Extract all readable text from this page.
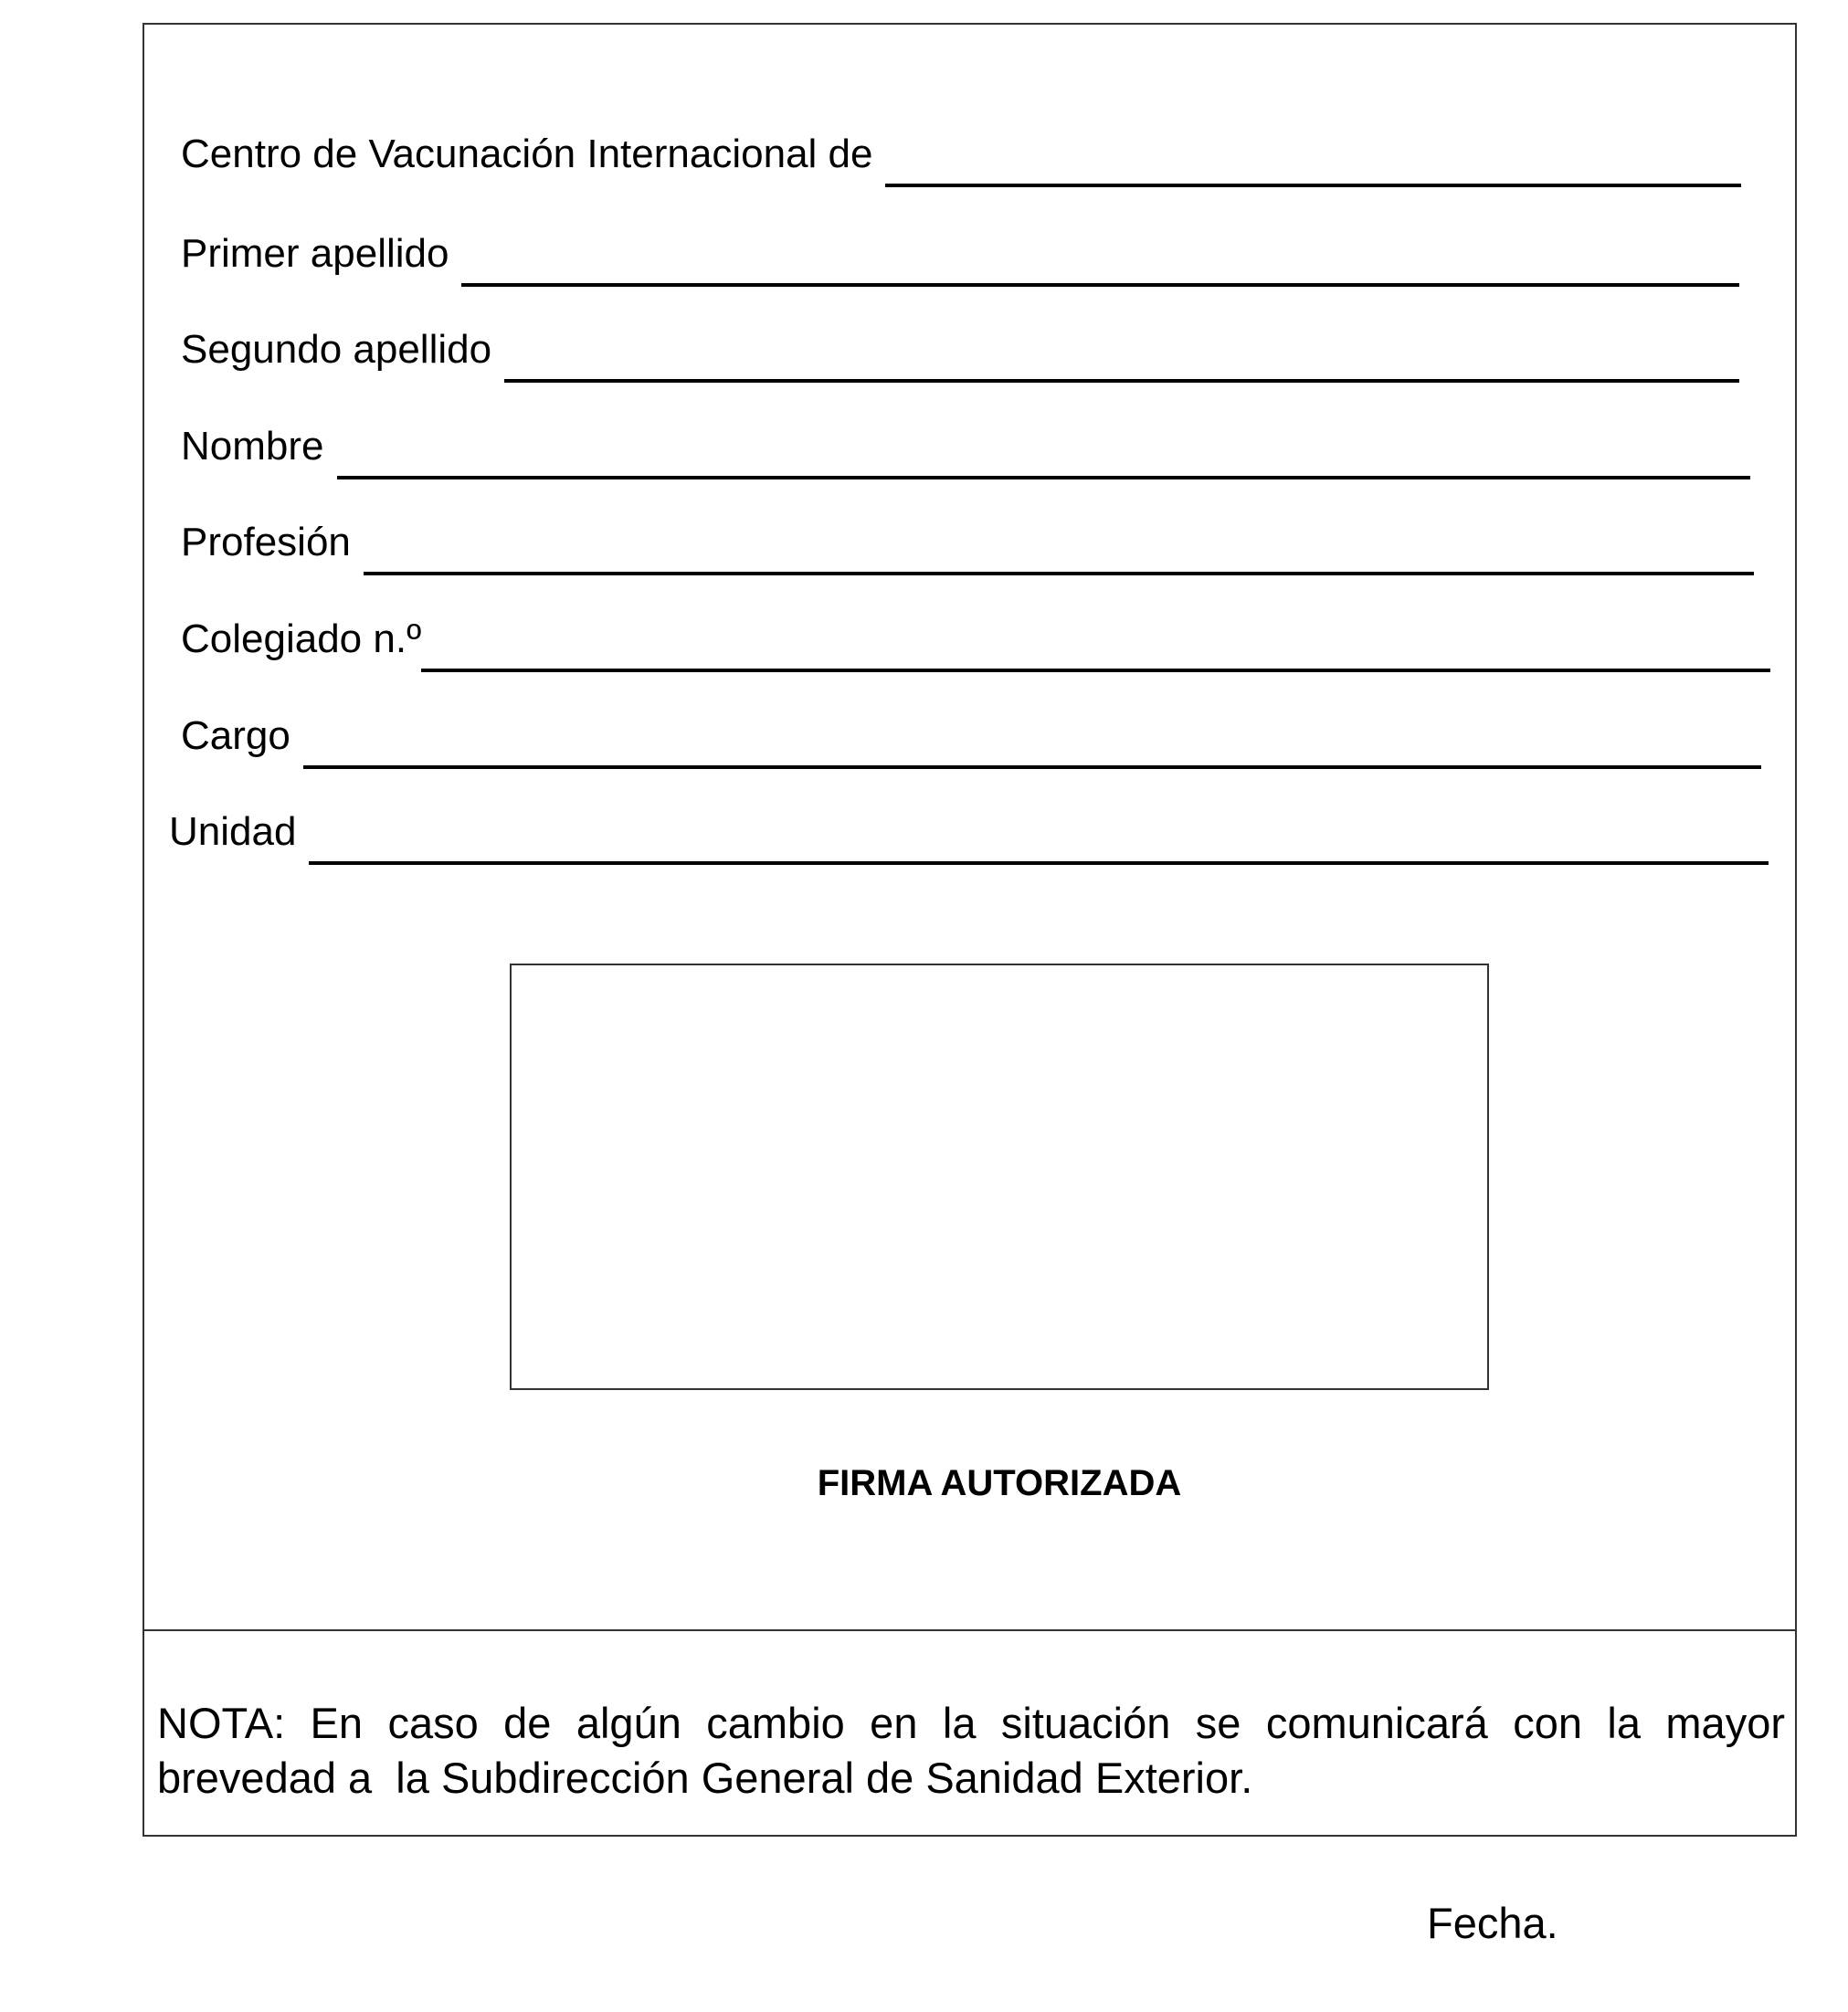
Centro de Vacunación Internacional de
Primer apellido
Segundo apellido
Nombre
Profesión
Colegiado n.º
Cargo
Unidad
FIRMA AUTORIZADA
NOTA: En caso de algún cambio en la situación se comunicará con la mayor
brevedad a  la Subdirección General de Sanidad Exterior.
Fecha.
